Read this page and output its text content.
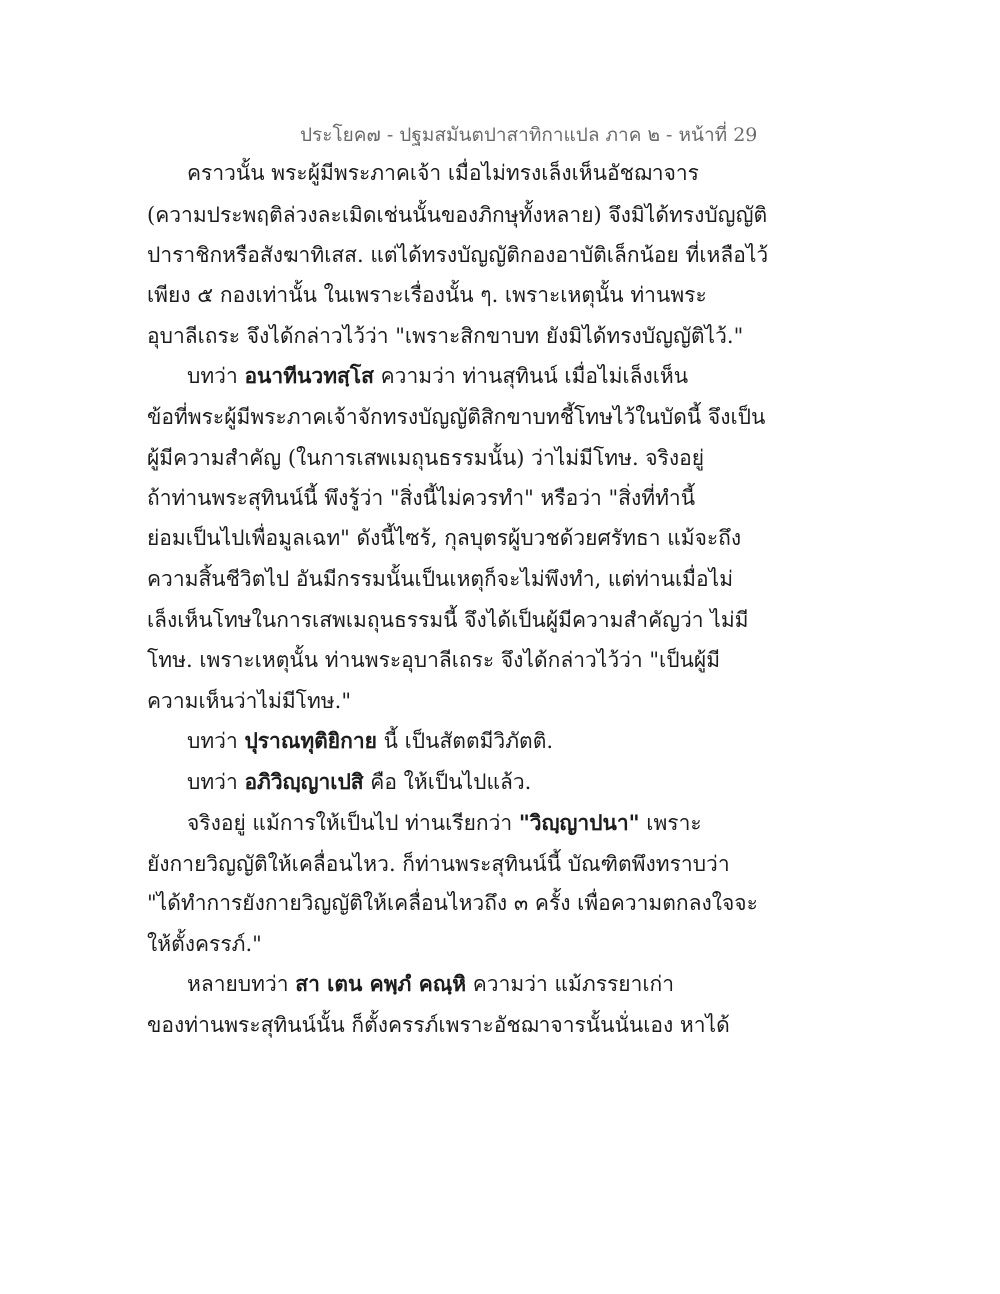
ประโยค๗ - ปฐมสมันตปาสาทิกาแปล ภาค ๒ - หน้าที่ 29
คราวนั้น พระผู้มีพระภาคเจ้า เมื่อไม่ทรงเล็งเห็นอัชฌาจาร
(ความประพฤติล่วงละเมิดเช่นนั้นของภิกษุทั้งหลาย) จึงมิได้ทรงบัญญัติ
ปาราชิกหรือสังฆาทิเสส. แต่ได้ทรงบัญญัติกองอาบัติเล็กน้อย ที่เหลือไว้
เพียง ๕ กองเท่านั้น ในเพราะเรื่องนั้น ๆ. เพราะเหตุนั้น ท่านพระ
อุบาลีเถระ จึงได้กล่าวไว้ว่า "เพราะสิกขาบท ยังมิได้ทรงบัญญัติไว้."
บทว่า อนาทีนวทสฺโส ความว่า ท่านสุทินน์ เมื่อไม่เล็งเห็น
ข้อที่พระผู้มีพระภาคเจ้าจักทรงบัญญัติสิกขาบทชี้โทษไว้ในบัดนี้ จึงเป็น
ผู้มีความสำคัญ (ในการเสพเมถุนธรรมนั้น) ว่าไม่มีโทษ. จริงอยู่
ถ้าท่านพระสุทินน์นี้ พึงรู้ว่า "สิ่งนี้ไม่ควรทำ" หรือว่า "สิ่งที่ทำนี้
ย่อมเป็นไปเพื่อมูลเฉท" ดังนี้ไซร้, กุลบุตรผู้บวชด้วยศรัทธา แม้จะถึง
ความสิ้นชีวิตไป อันมีกรรมนั้นเป็นเหตุก็จะไม่พึงทำ, แต่ท่านเมื่อไม่
เล็งเห็นโทษในการเสพเมถุนธรรมนี้ จึงได้เป็นผู้มีความสำคัญว่า ไม่มี
โทษ. เพราะเหตุนั้น ท่านพระอุบาลีเถระ จึงได้กล่าวไว้ว่า "เป็นผู้มี
ความเห็นว่าไม่มีโทษ."
บทว่า ปุราณทุติยิกาย นี้ เป็นสัตตมีวิภัตติ.
บทว่า อภิวิญฺญาเปสิ คือ ให้เป็นไปแล้ว.
จริงอยู่ แม้การให้เป็นไป ท่านเรียกว่า "วิญฺญาปนา" เพราะ
ยังกายวิญญัติให้เคลื่อนไหว. ก็ท่านพระสุทินน์นี้ บัณฑิตพึงทราบว่า
"ได้ทำการยังกายวิญญัติให้เคลื่อนไหวถึง ๓ ครั้ง เพื่อความตกลงใจจะ
ให้ตั้งครรภ์."
หลายบทว่า สา เตน คพฺภํ คณฺหิ ความว่า แม้ภรรยาเก่า
ของท่านพระสุทินน์นั้น ก็ตั้งครรภ์เพราะอัชฌาจารนั้นนั่นเอง หาได้
